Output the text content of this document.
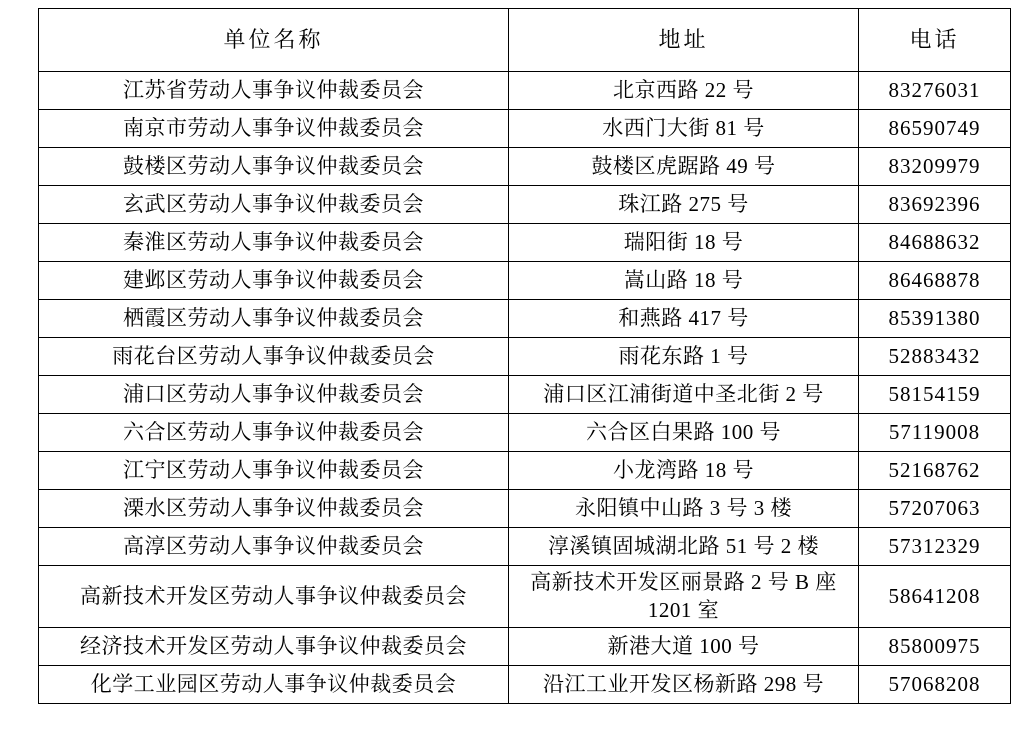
单位名称	地址	电话
江苏省劳动人事争议仲裁委员会	北京西路 22 号	83276031
南京市劳动人事争议仲裁委员会	水西门大街 81 号	86590749
鼓楼区劳动人事争议仲裁委员会	鼓楼区虎踞路 49 号	83209979
玄武区劳动人事争议仲裁委员会	珠江路 275 号	83692396
秦淮区劳动人事争议仲裁委员会	瑞阳街 18 号	84688632
建邺区劳动人事争议仲裁委员会	嵩山路 18 号	86468878
栖霞区劳动人事争议仲裁委员会	和燕路 417 号	85391380
雨花台区劳动人事争议仲裁委员会	雨花东路 1 号	52883432
浦口区劳动人事争议仲裁委员会	浦口区江浦街道中圣北街 2 号	58154159
六合区劳动人事争议仲裁委员会	六合区白果路 100 号	57119008
江宁区劳动人事争议仲裁委员会	小龙湾路 18 号	52168762
溧水区劳动人事争议仲裁委员会	永阳镇中山路 3 号 3 楼	57207063
高淳区劳动人事争议仲裁委员会	淳溪镇固城湖北路 51 号 2 楼	57312329
高新技术开发区劳动人事争议仲裁委员会	高新技术开发区丽景路 2 号 B 座 1201 室	58641208
经济技术开发区劳动人事争议仲裁委员会	新港大道 100 号	85800975
化学工业园区劳动人事争议仲裁委员会	沿江工业开发区杨新路 298 号	57068208
